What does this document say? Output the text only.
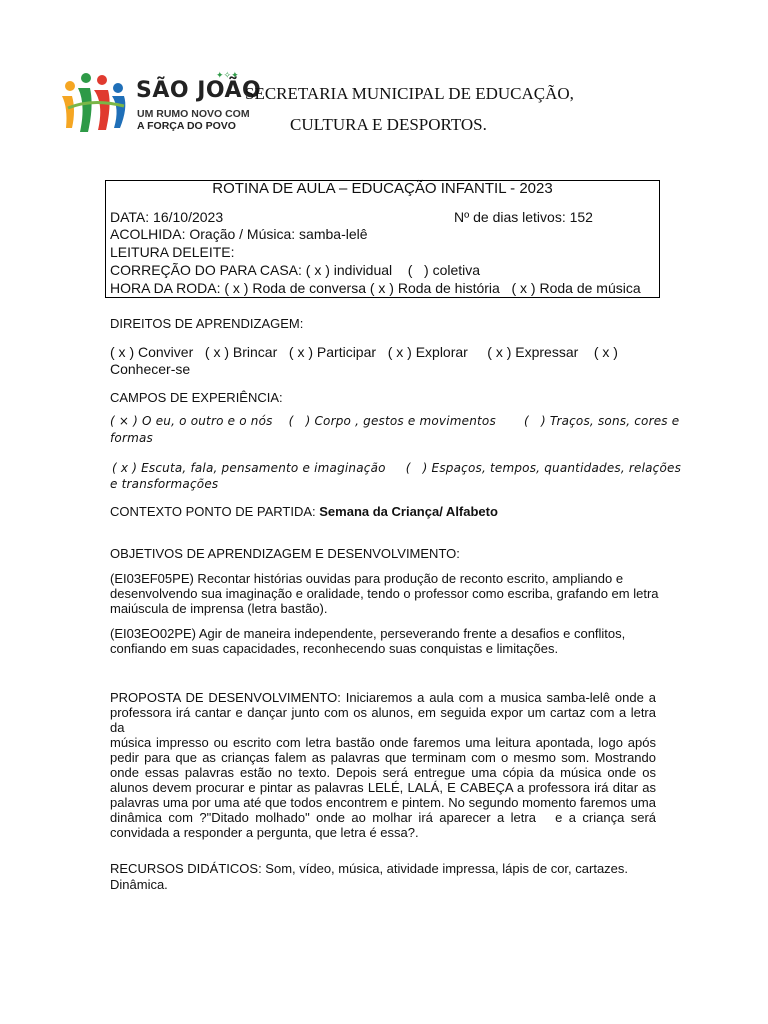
SÃO JOÃO
✦✧✦
UM RUMO NOVO COM
A FORÇA DO POVO
SECRETARIA MUNICIPAL DE EDUCAÇÃO,
CULTURA E DESPORTOS.
ROTINA DE AULA – EDUCAÇÃO INFANTIL - 2023
DATA: 16/10/2023	Nº de dias letivos: 152
ACOLHIDA: Oração / Música: samba-lelê
LEITURA DELEITE:
CORREÇÃO DO PARA CASA: ( x ) individual    (   ) coletiva
HORA DA RODA: ( x ) Roda de conversa ( x ) Roda de história   ( x ) Roda de música
DIREITOS DE APRENDIZAGEM:
( x ) Conviver   ( x ) Brincar   ( x ) Participar   ( x ) Explorar     ( x ) Expressar    ( x )
Conhecer-se
CAMPOS DE EXPERIÊNCIA:
( × ) O eu, o outro e o nós    (   ) Corpo , gestos e movimentos       (   ) Traços, sons, cores e
formas
( x ) Escuta, fala, pensamento e imaginação     (   ) Espaços, tempos, quantidades, relações
e transformações
CONTEXTO PONTO DE PARTIDA: Semana da Criança/ Alfabeto
OBJETIVOS DE APRENDIZAGEM E DESENVOLVIMENTO:
(EI03EF05PE) Recontar histórias ouvidas para produção de reconto escrito, ampliando e
desenvolvendo sua imaginação e oralidade, tendo o professor como escriba, grafando em letra
maiúscula de imprensa (letra bastão).
(EI03EO02PE) Agir de maneira independente, perseverando frente a desafios e conflitos,
confiando em suas capacidades, reconhecendo suas conquistas e limitações.
PROPOSTA DE DESENVOLVIMENTO: Iniciaremos a aula com a musica samba-lelê onde a
professora irá cantar e dançar junto com os alunos, em seguida expor um cartaz com a letra da
música impresso ou escrito com letra bastão onde faremos uma leitura apontada, logo após
pedir para que as crianças falem as palavras que terminam com o mesmo som. Mostrando
onde essas palavras estão no texto. Depois será entregue uma cópia da música onde os
alunos devem procurar e pintar as palavras LELÉ, LALÁ, E CABEÇA a professora irá ditar as
palavras uma por uma até que todos encontrem e pintem. No segundo momento faremos uma
dinâmica com ?"Ditado molhado" onde ao molhar irá aparecer a letra   e a criança será
convidada a responder a pergunta, que letra é essa?.
RECURSOS DIDÁTICOS: Som, vídeo, música, atividade impressa, lápis de cor, cartazes.
Dinâmica.
